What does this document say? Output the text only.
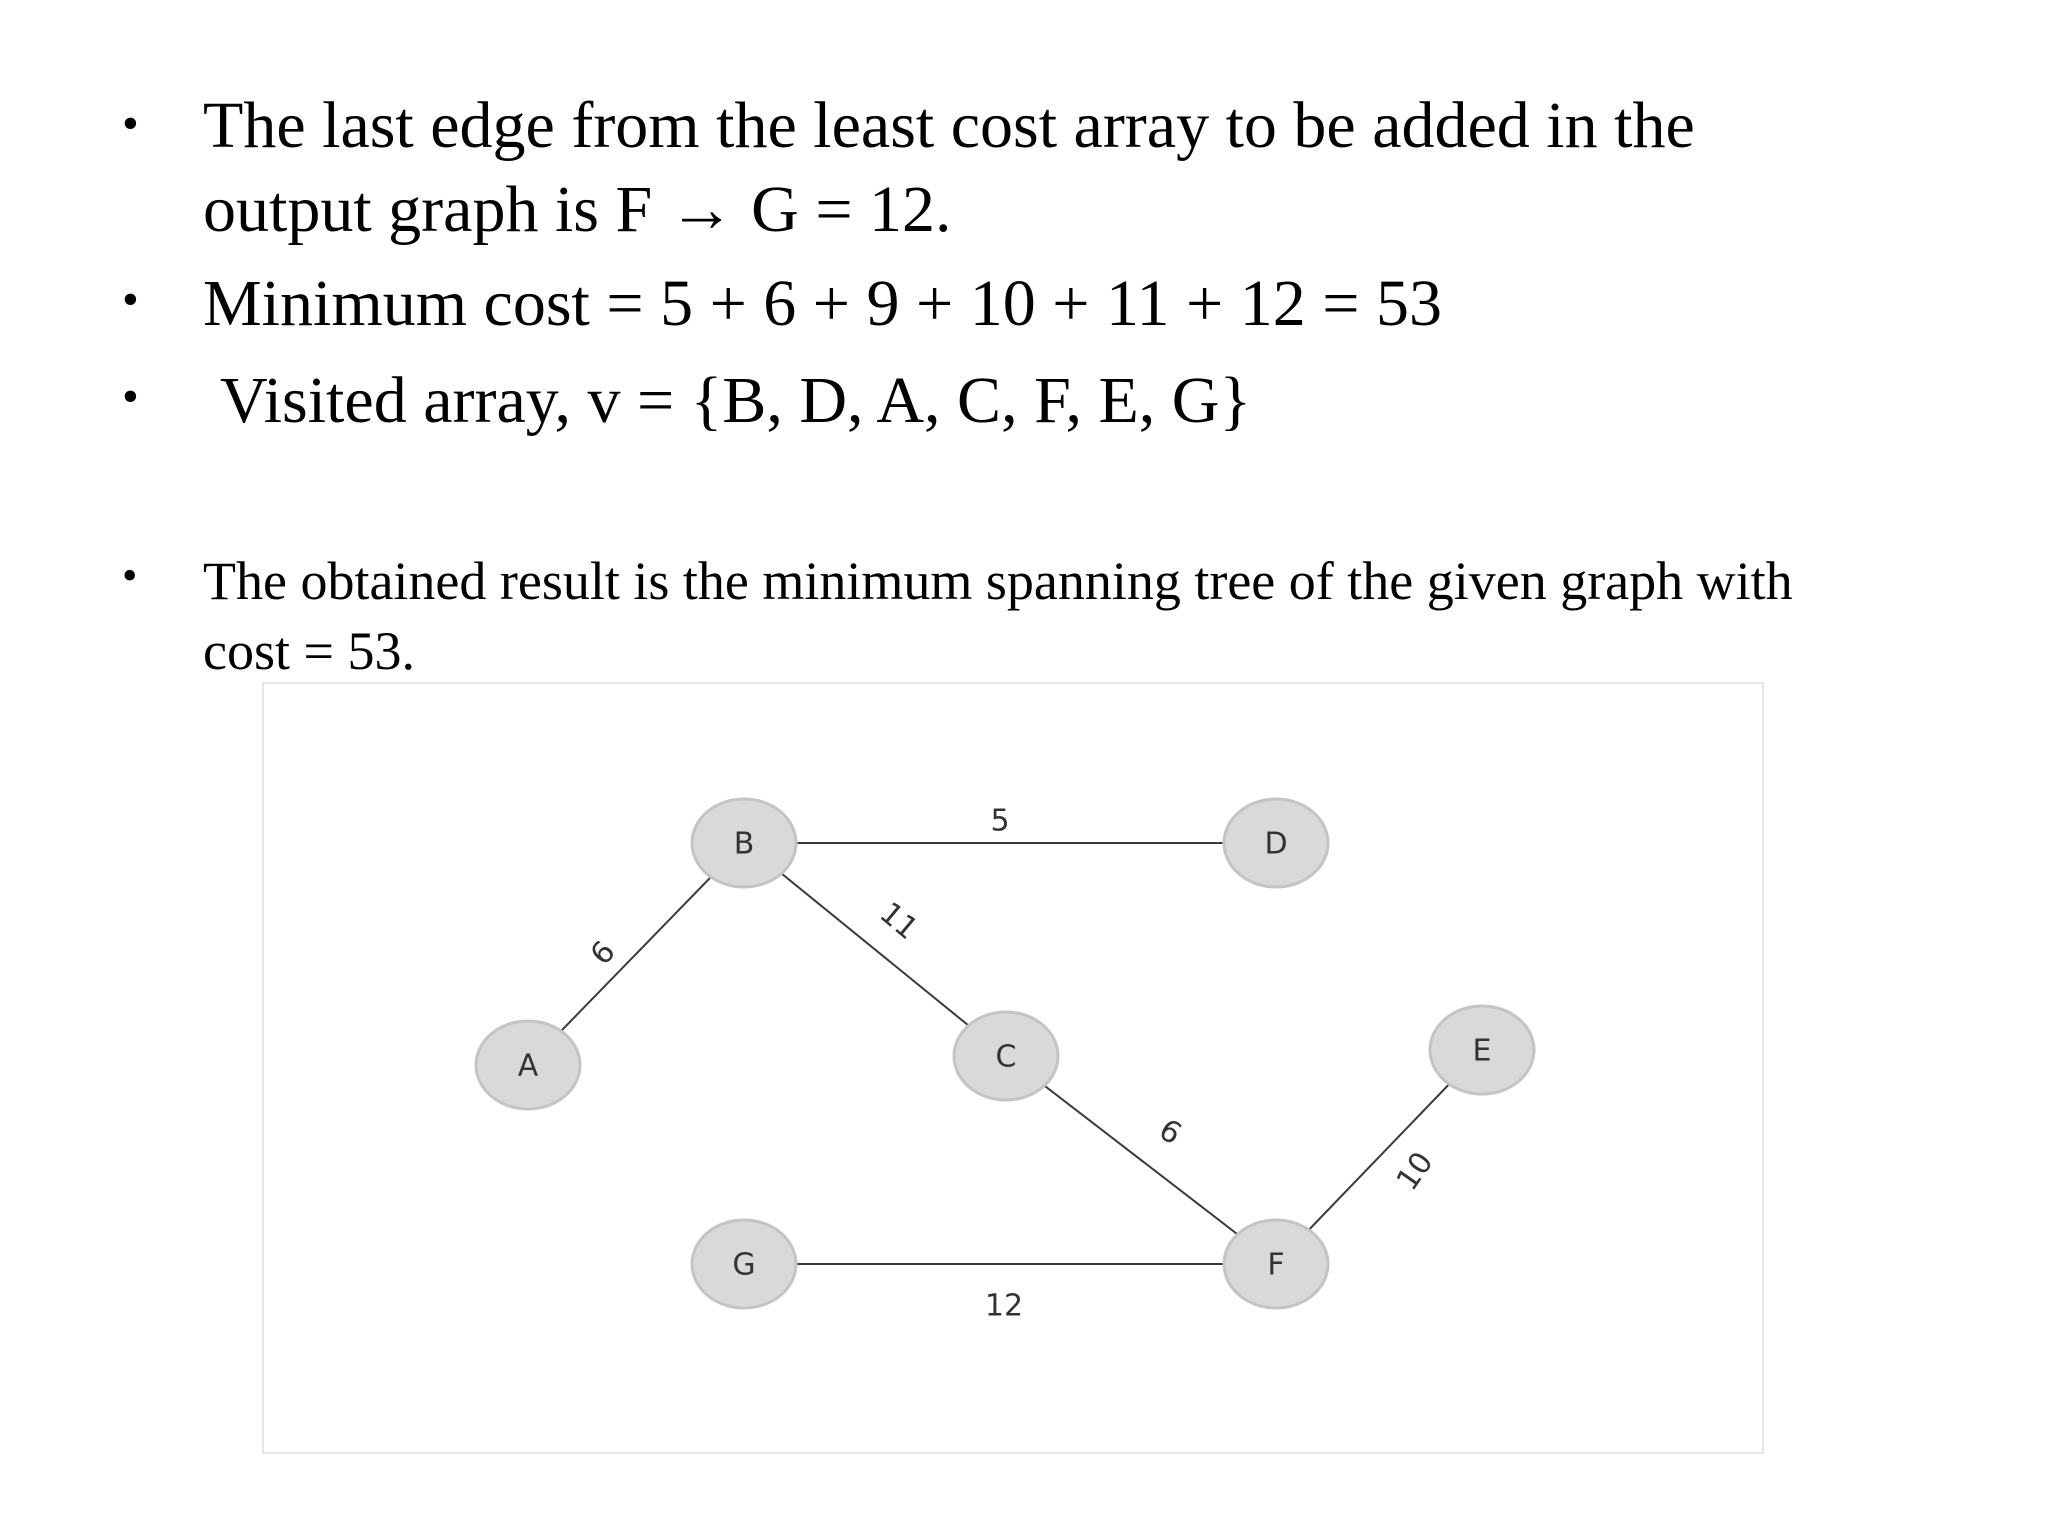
• The last edge from the least cost array to be added in the
output graph is F → G = 12.
• Minimum cost = 5 + 6 + 9 + 10 + 11 + 12 = 53
• Visited array, v = {B, D, A, C, F, E, G}
• The obtained result is the minimum spanning tree of the given graph with
cost = 53.
5
6
11
9
10
12
A
B
C
D
E
F
G
